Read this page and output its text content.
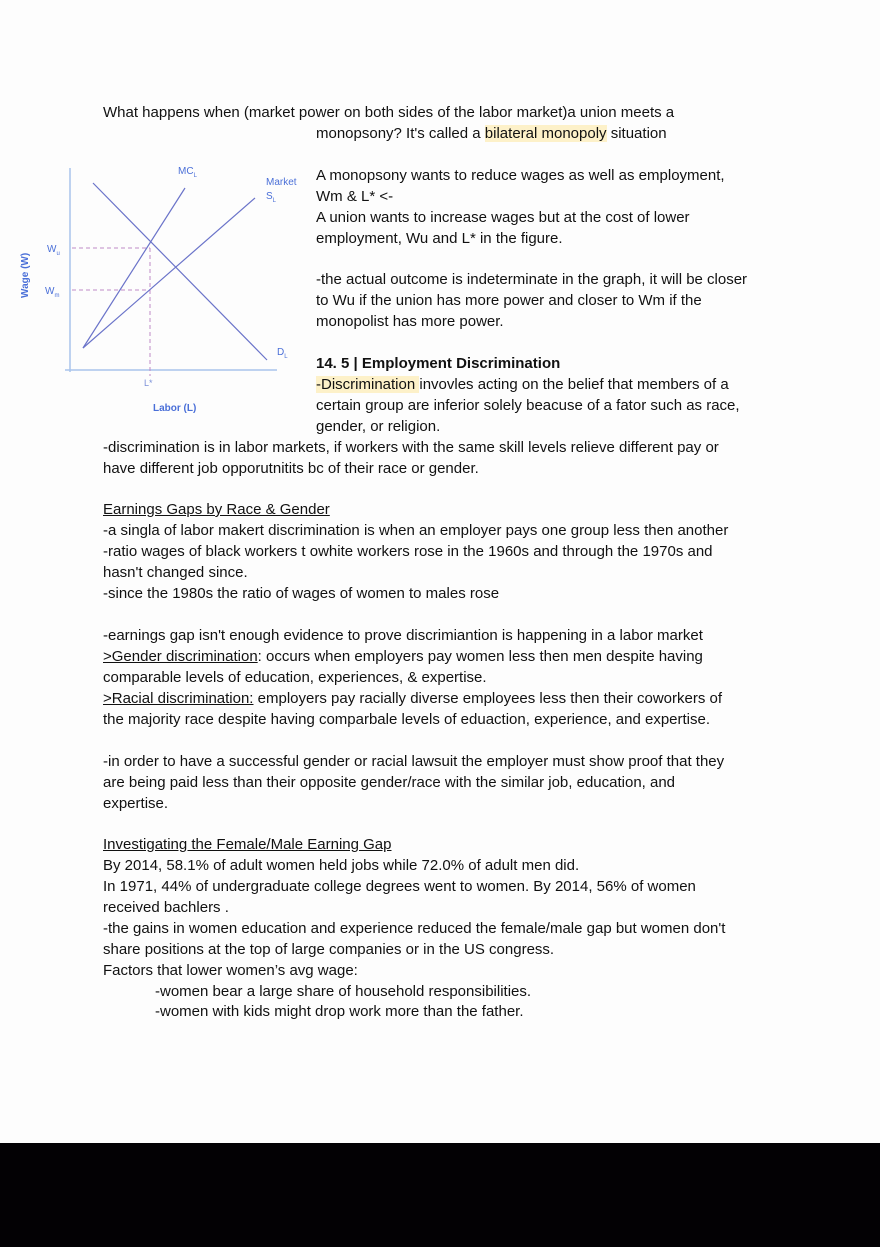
What happens when (market power on both sides of the labor market)a union meets a
monopsony? It's called a bilateral monopoly situation
$MC_L$
Market
$S_L$
$D_L$
$W_u$
$W_m$
L*
Labor (L)
Wage (W)
A monopsony wants to reduce wages as well as employment,
Wm & L* <-
A union wants to increase wages but at the cost of lower
employment, Wu and L* in the figure.
-the actual outcome is indeterminate in the graph, it will be closer
to Wu if the union has more power and closer to Wm if the
monopolist has more power.
14. 5 | Employment Discrimination
-Discrimination invovles acting on the belief that members of a
certain group are inferior solely beacuse of a fator such as race,
gender, or religion.
-discrimination is in labor markets, if workers with the same skill levels relieve different pay or
have different job opporutnitits bc of their race or gender.
Earnings Gaps by Race & Gender
-a singla of labor makert discrimination is when an employer pays one group less then another
-ratio wages of black workers t owhite workers rose in the 1960s and through the 1970s and
hasn't changed since.
-since the 1980s the ratio of wages of women to males rose
-earnings gap isn't enough evidence to prove discrimiantion is happening in a labor market
>Gender discrimination: occurs when employers pay women less then men despite having
comparable levels of education, experiences, & expertise.
>Racial discrimination: employers pay racially diverse employees less then their coworkers of
the majority race despite having comparbale levels of eduaction, experience, and expertise.
-in order to have a successful gender or racial lawsuit the employer must show proof that they
are being paid less than their opposite gender/race with the similar job, education, and
expertise.
Investigating the Female/Male Earning Gap
By 2014, 58.1% of adult women held jobs while 72.0% of adult men did.
In 1971, 44% of undergraduate college degrees went to women. By 2014, 56% of women
received bachlers .
-the gains in women education and experience reduced the female/male gap but women don't
share positions at the top of large companies or in the US congress.
Factors that lower women’s avg wage:
-women bear a large share of household responsibilities.
-women with kids might drop work more than the father.
